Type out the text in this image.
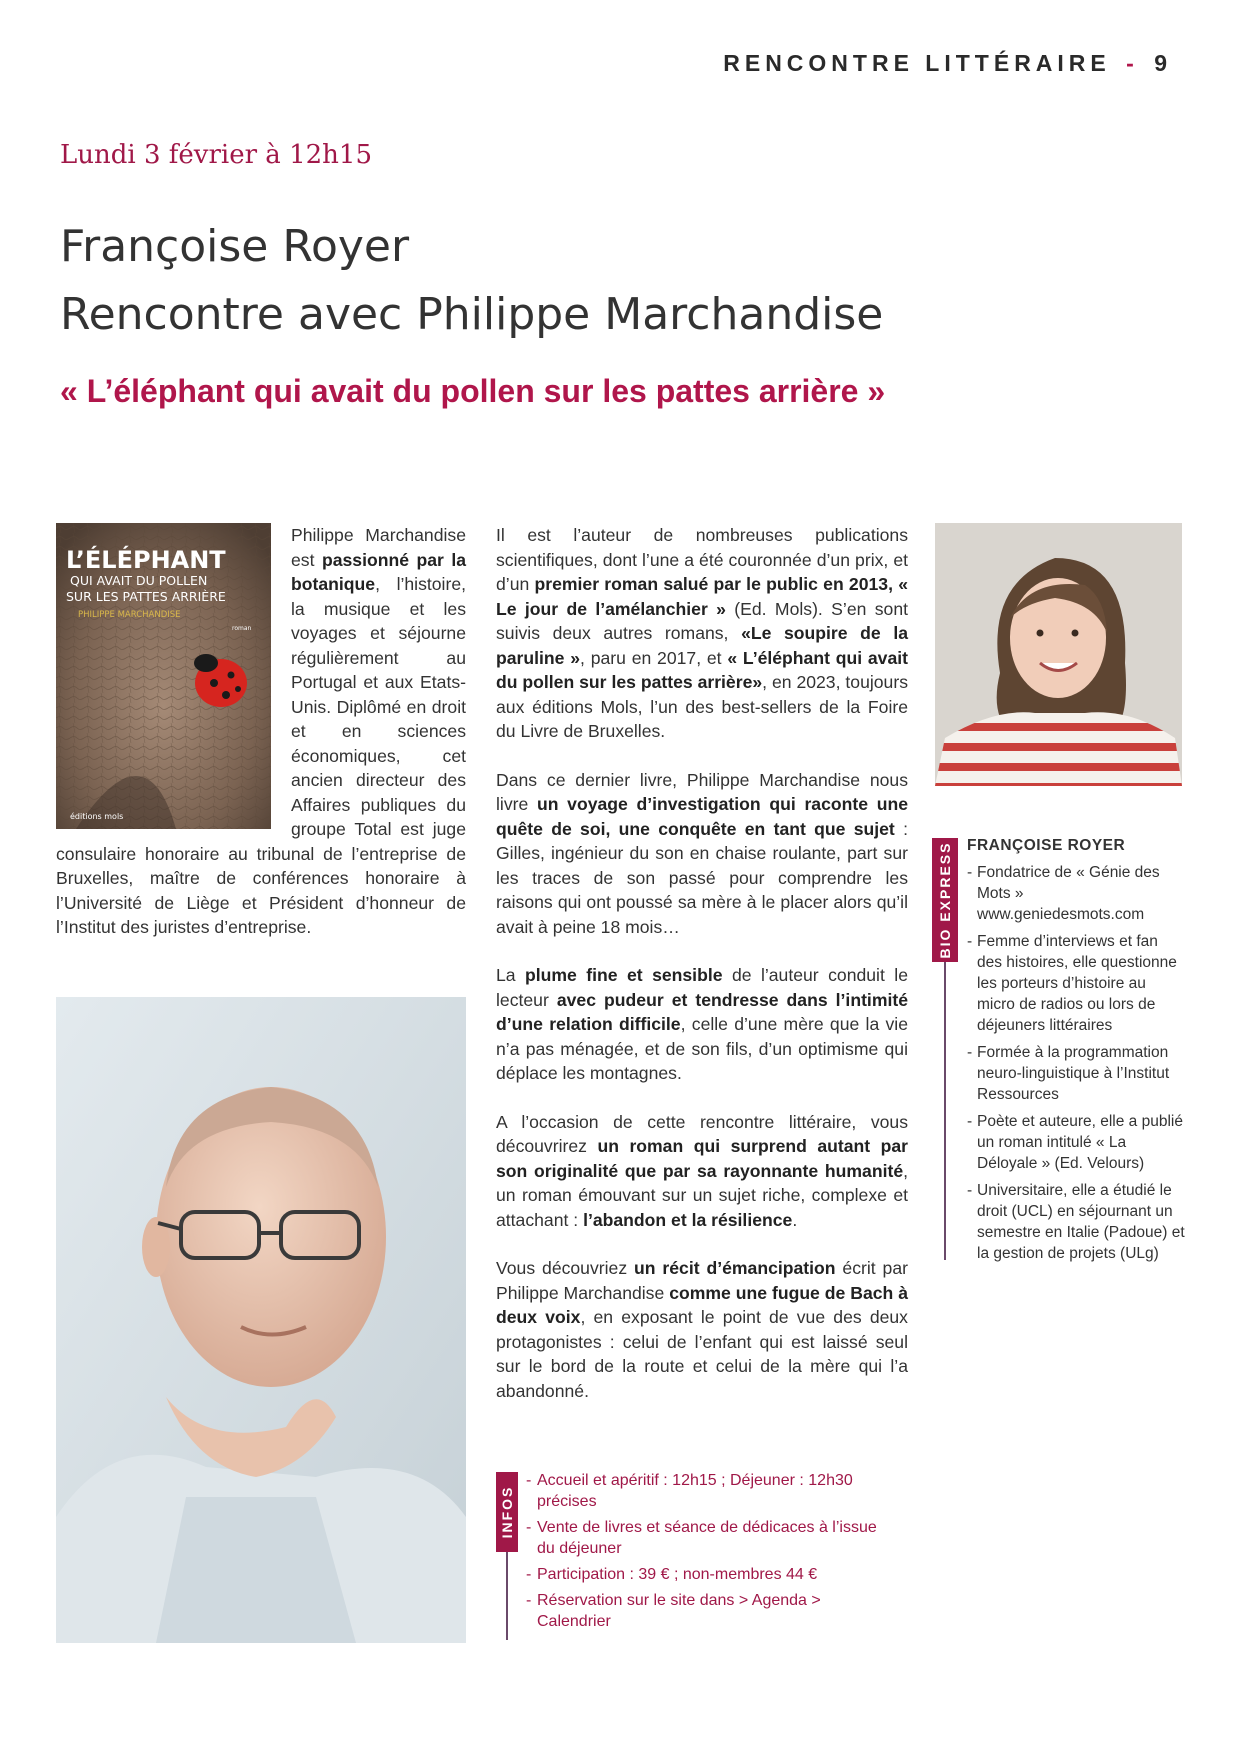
RENCONTRE LITTÉRAIRE - 9
Lundi 3 février à 12h15
Françoise Royer
Rencontre avec Philippe Marchandise
« L’éléphant qui avait du pollen sur les pattes arrière »
L’ÉLÉPHANT
QUI AVAIT DU POLLEN
SUR LES PATTES ARRIÈRE
PHILIPPE MARCHANDISE
roman
éditions mols
Philippe Marchandise est passionné par la botanique, l’histoire, la musique et les voyages et séjourne régulièrement au Portugal et aux Etats-Unis. Diplômé en droit et en sciences économiques, cet ancien directeur des Affaires publiques du groupe Total est juge consulaire honoraire au tribunal de l’entreprise de Bruxelles, maître de conférences honoraire à l’Université de Liège et Président d’honneur de l’Institut des juristes d’entreprise.

Il est l’auteur de nombreuses publications scientifiques, dont l’une a été couronnée d’un prix, et d’un premier roman salué par le public en 2013, « Le jour de l’amélanchier » (Ed. Mols). S’en sont suivis deux autres romans, «Le soupire de la paruline », paru en 2017, et « L’éléphant qui avait du pollen sur les pattes arrière», en 2023, toujours aux éditions Mols, l’un des best-sellers de la Foire du Livre de Bruxelles.

Dans ce dernier livre, Philippe Marchandise nous livre un voyage d’investigation qui raconte une quête de soi, une conquête en tant que sujet : Gilles, ingénieur du son en chaise roulante, part sur les traces de son passé pour comprendre les raisons qui ont poussé sa mère à le placer alors qu’il avait à peine 18 mois…

La plume fine et sensible de l’auteur conduit le lecteur avec pudeur et tendresse dans l’intimité d’une relation difficile, celle d’une mère que la vie n’a pas ménagée, et de son fils, d’un optimisme qui déplace les montagnes.

A l’occasion de cette rencontre littéraire, vous découvrirez un roman qui surprend autant par son originalité que par sa rayonnante humanité, un roman émouvant sur un sujet riche, complexe et attachant : l’abandon et la résilience.

Vous découvriez un récit d’émancipation écrit par Philippe Marchandise comme une fugue de Bach à deux voix, en exposant le point de vue des deux protagonistes : celui de l’enfant qui est laissé seul sur le bord de la route et celui de la mère qui l’a abandonné.

INFOS
- Accueil et apéritif : 12h15 ; Déjeuner : 12h30 précises
- Vente de livres et séance de dédicaces à l’issue du déjeuner
- Participation : 39 € ; non-membres 44 €
- Réservation sur le site dans > Agenda > Calendrier
BIO EXPRESS FRANÇOISE ROYER
- Fondatrice de « Génie des Mots » www.geniedesmots.com
- Femme d’interviews et fan des histoires, elle questionne les porteurs d’histoire au micro de radios ou lors de déjeuners littéraires
- Formée à la programmation neuro-linguistique à l’Institut Ressources
- Poète et auteure, elle a publié un roman intitulé « La Déloyale » (Ed. Velours)
- Universitaire, elle a étudié le droit (UCL) en séjournant un semestre en Italie (Padoue) et la gestion de projets (ULg)
